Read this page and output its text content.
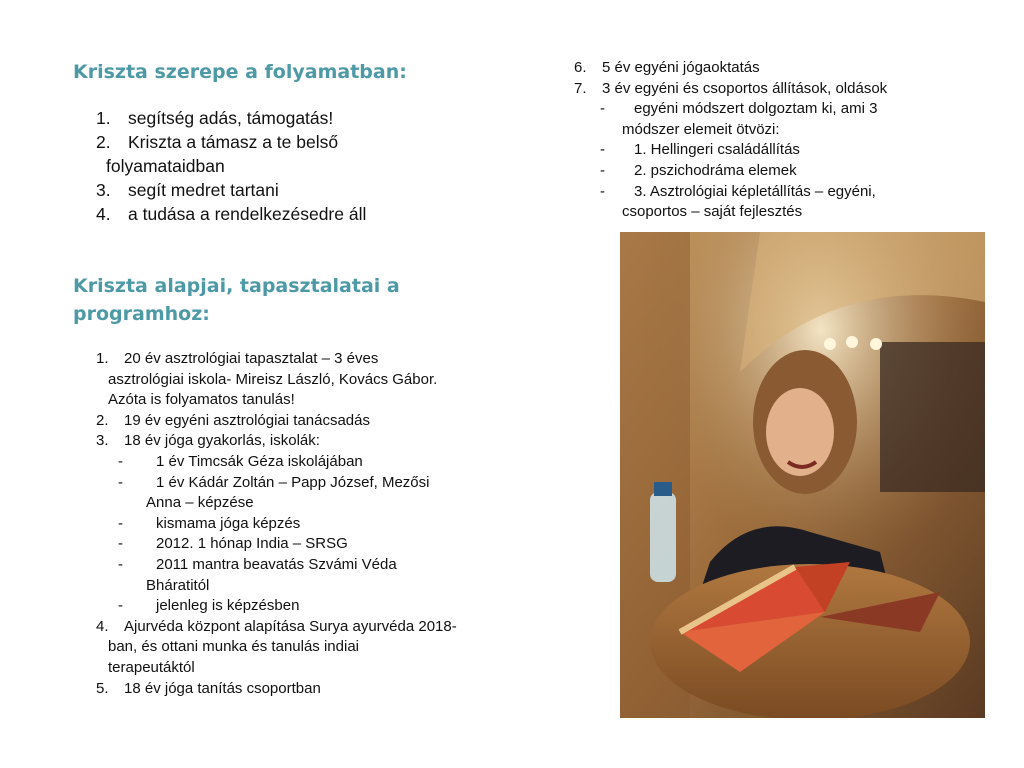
Kriszta szerepe a folyamatban:
1. segítség adás, támogatás!
2. Kriszta a támasz a te belső
folyamataidban
3. segít medret tartani
4. a tudása a rendelkezésedre áll
Kriszta alapjai, tapasztalatai a
programhoz:
1. 20 év asztrológiai tapasztalat – 3 éves
asztrológiai iskola- Mireisz László, Kovács Gábor.
Azóta is folyamatos tanulás!
2. 19 év egyéni asztrológiai tanácsadás
3. 18 év jóga gyakorlás, iskolák:
- 1 év Timcsák Géza iskolájában
- 1 év Kádár Zoltán – Papp József, Mezősi
Anna – képzése
- kismama jóga képzés
- 2012. 1 hónap India – SRSG
- 2011 mantra beavatás Szvámi Véda
Bháratitól
- jelenleg is képzésben
4. Ajurvéda központ alapítása Surya ayurvéda 2018-
ban, és ottani munka és tanulás indiai
terapeutáktól
5. 18 év jóga tanítás csoportban
6. 5 év egyéni jógaoktatás
7. 3 év egyéni és csoportos állítások, oldások
- egyéni módszert dolgoztam ki, ami 3
módszer elemeit ötvözi:
- 1. Hellingeri családállítás
- 2. pszichodráma elemek
- 3. Asztrológiai képletállítás – egyéni,
csoportos – saját fejlesztés
